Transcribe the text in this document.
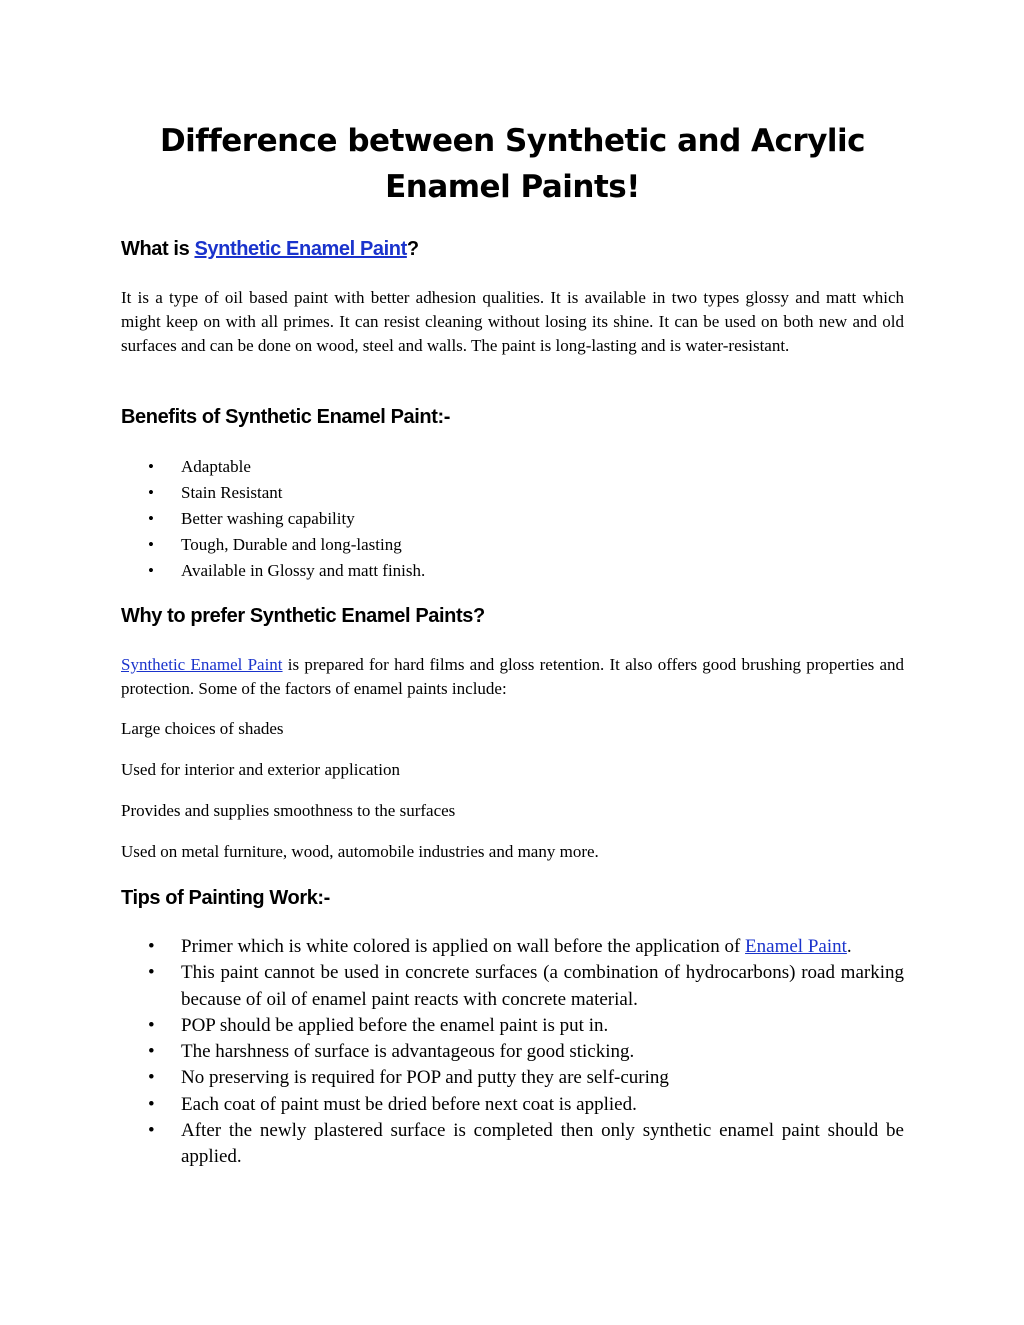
Difference between Synthetic and Acrylic
Enamel Paints!
What is Synthetic Enamel Paint?

It is a type of oil based paint with better adhesion qualities. It is available in two types glossy and matt which might keep on with all primes. It can resist cleaning without losing its shine. It can be used on both new and old surfaces and can be done on wood, steel and walls. The paint is long-lasting and is water-resistant.

Benefits of Synthetic Enamel Paint:-
• Adaptable
• Stain Resistant
• Better washing capability
• Tough, Durable and long-lasting
• Available in Glossy and matt finish.
Why to prefer Synthetic Enamel Paints?

Synthetic Enamel Paint is prepared for hard films and gloss retention. It also offers good brushing properties and protection. Some of the factors of enamel paints include:

Large choices of shades

Used for interior and exterior application

Provides and supplies smoothness to the surfaces

Used on metal furniture, wood, automobile industries and many more.

Tips of Painting Work:-
• Primer which is white colored is applied on wall before the application of Enamel Paint.
• This paint cannot be used in concrete surfaces (a combination of hydrocarbons) road marking because of oil of enamel paint reacts with concrete material.
• POP should be applied before the enamel paint is put in.
• The harshness of surface is advantageous for good sticking.
• No preserving is required for POP and putty they are self-curing
• Each coat of paint must be dried before next coat is applied.
• After the newly plastered surface is completed then only synthetic enamel paint should be applied.
